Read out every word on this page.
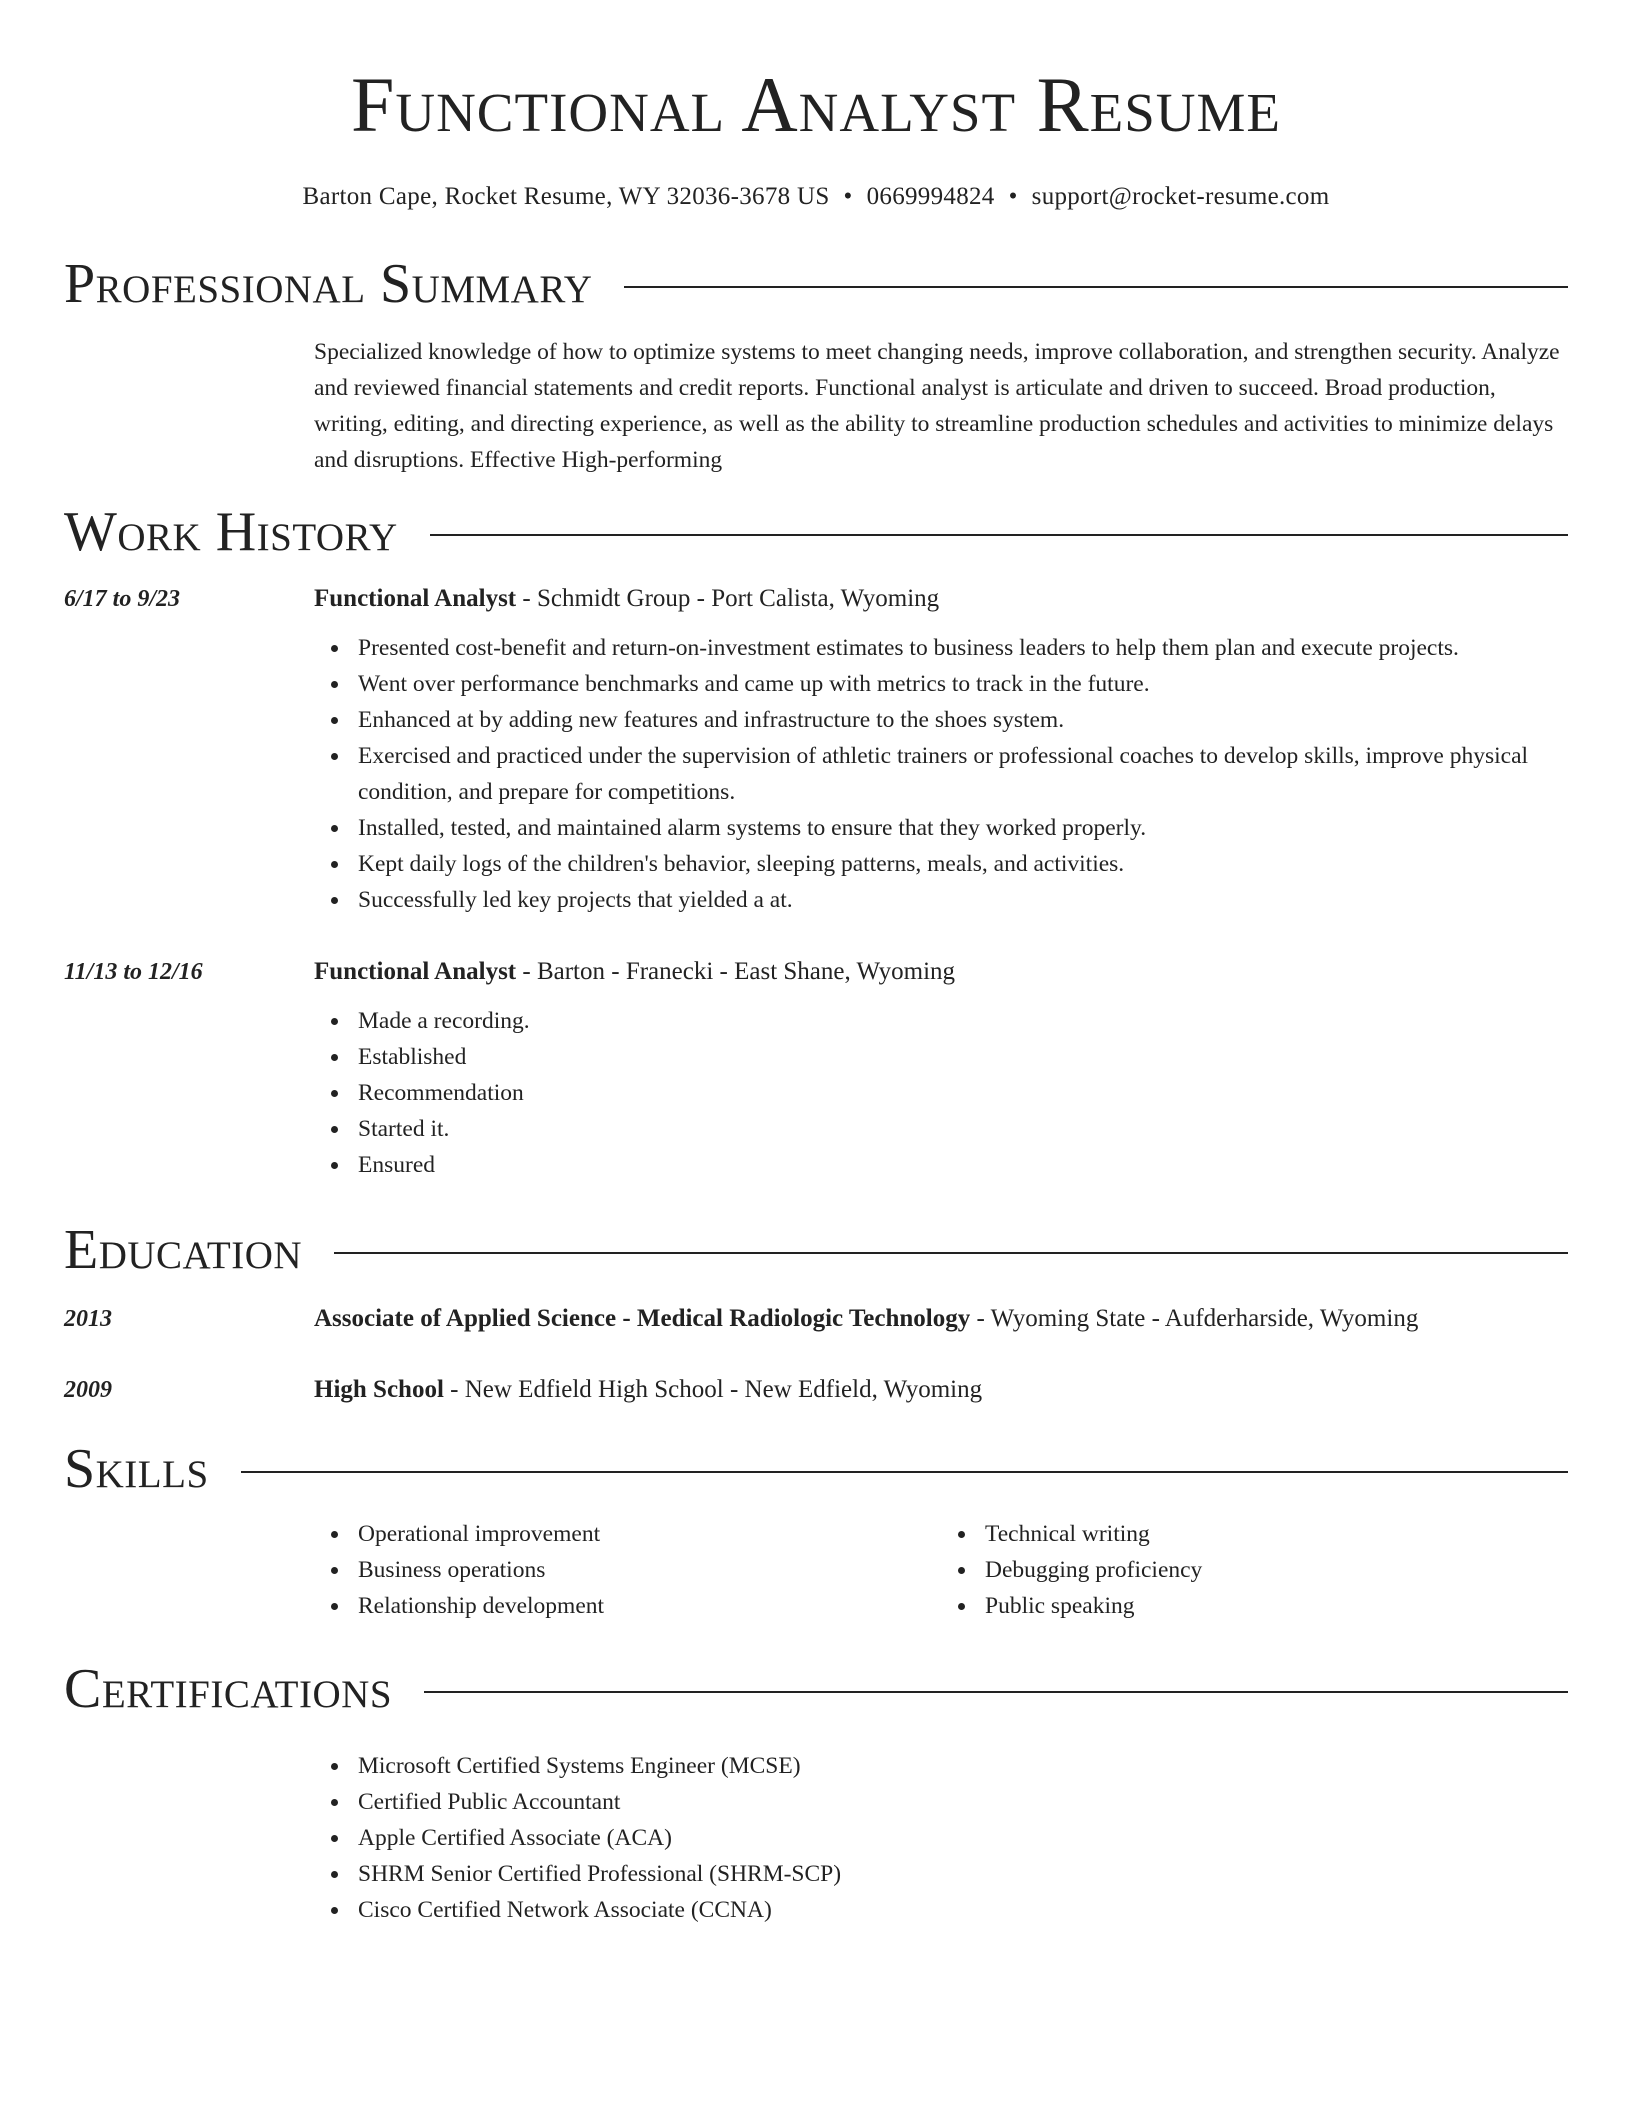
Functional Analyst Resume
Barton Cape, Rocket Resume, WY 32036-3678 US • 0669994824 • support@rocket-resume.com
Professional Summary
Specialized knowledge of how to optimize systems to meet changing needs, improve collaboration, and strengthen security. Analyze and reviewed financial statements and credit reports. Functional analyst is articulate and driven to succeed. Broad production, writing, editing, and directing experience, as well as the ability to streamline production schedules and activities to minimize delays and disruptions. Effective High-performing
Work History
6/17 to 9/23	Functional Analyst - Schmidt Group - Port Calista, Wyoming
Presented cost-benefit and return-on-investment estimates to business leaders to help them plan and execute projects.
Went over performance benchmarks and came up with metrics to track in the future.
Enhanced at by adding new features and infrastructure to the shoes system.
Exercised and practiced under the supervision of athletic trainers or professional coaches to develop skills, improve physical condition, and prepare for competitions.
Installed, tested, and maintained alarm systems to ensure that they worked properly.
Kept daily logs of the children's behavior, sleeping patterns, meals, and activities.
Successfully led key projects that yielded a at.
11/13 to 12/16	Functional Analyst - Barton - Franecki - East Shane, Wyoming
Made a recording.
Established
Recommendation
Started it.
Ensured
Education
2013	Associate of Applied Science - Medical Radiologic Technology - Wyoming State - Aufderharside, Wyoming
2009	High School - New Edfield High School - New Edfield, Wyoming
Skills
Operational improvement
Business operations
Relationship development
Technical writing
Debugging proficiency
Public speaking
Certifications
Microsoft Certified Systems Engineer (MCSE)
Certified Public Accountant
Apple Certified Associate (ACA)
SHRM Senior Certified Professional (SHRM-SCP)
Cisco Certified Network Associate (CCNA)
